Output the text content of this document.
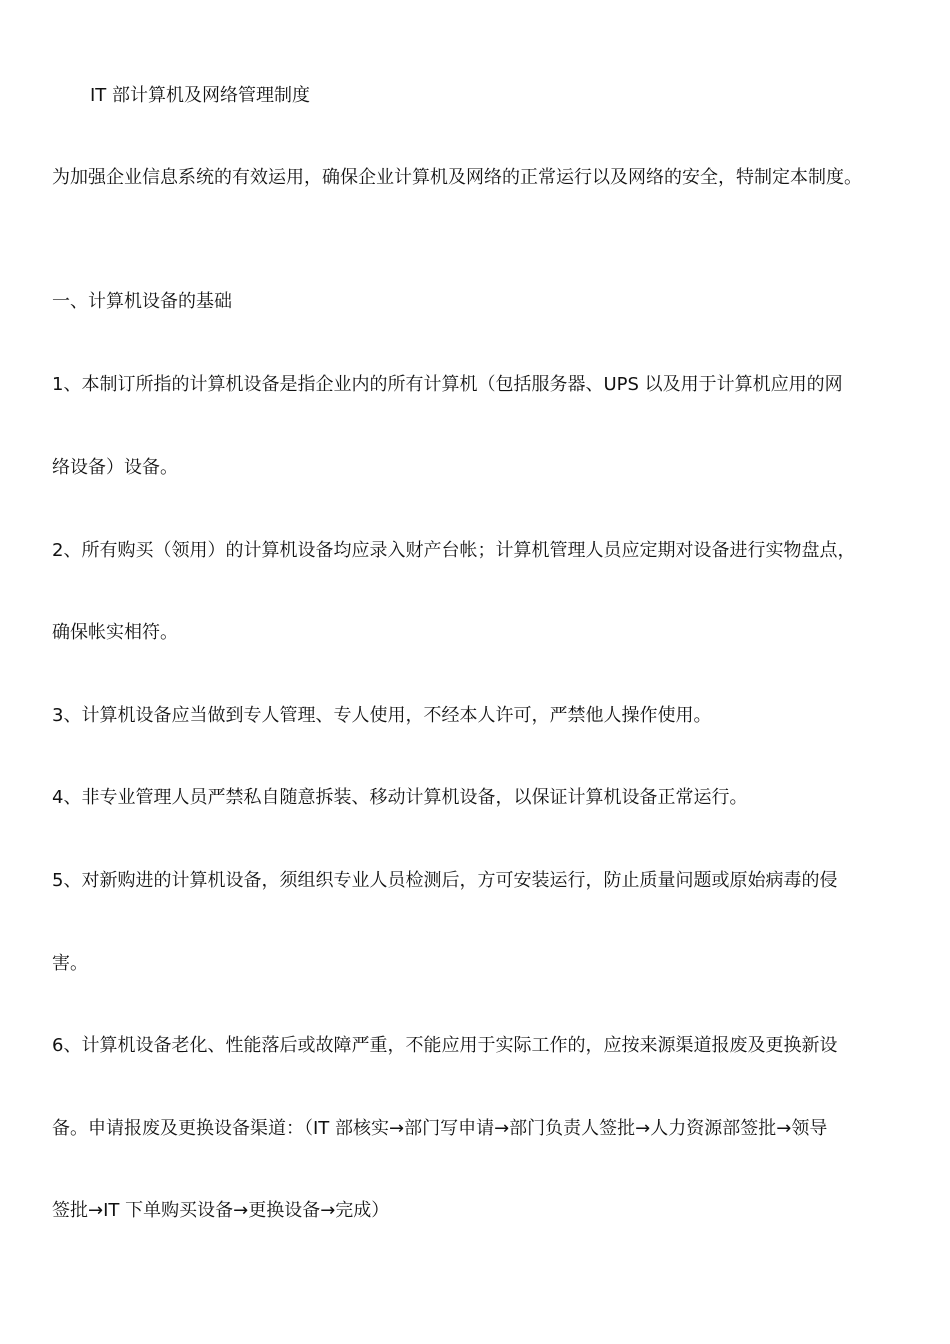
IT 部计算机及网络管理制度
为加强企业信息系统的有效运用，确保企业计算机及网络的正常运行以及网络的安全，特制定本制度。
一、计算机设备的基础
1、本制订所指的计算机设备是指企业内的所有计算机（包括服务器、UPS 以及用于计算机应用的网
络设备）设备。
2、所有购买（领用）的计算机设备均应录入财产台帐；计算机管理人员应定期对设备进行实物盘点，
确保帐实相符。
3、计算机设备应当做到专人管理、专人使用，不经本人许可，严禁他人操作使用。
4、非专业管理人员严禁私自随意拆装、移动计算机设备，以保证计算机设备正常运行。
5、对新购进的计算机设备，须组织专业人员检测后，方可安装运行，防止质量问题或原始病毒的侵
害。
6、计算机设备老化、性能落后或故障严重，不能应用于实际工作的，应按来源渠道报废及更换新设
备。申请报废及更换设备渠道：（IT 部核实→部门写申请→部门负责人签批→人力资源部签批→领导
签批→IT 下单购买设备→更换设备→完成）
